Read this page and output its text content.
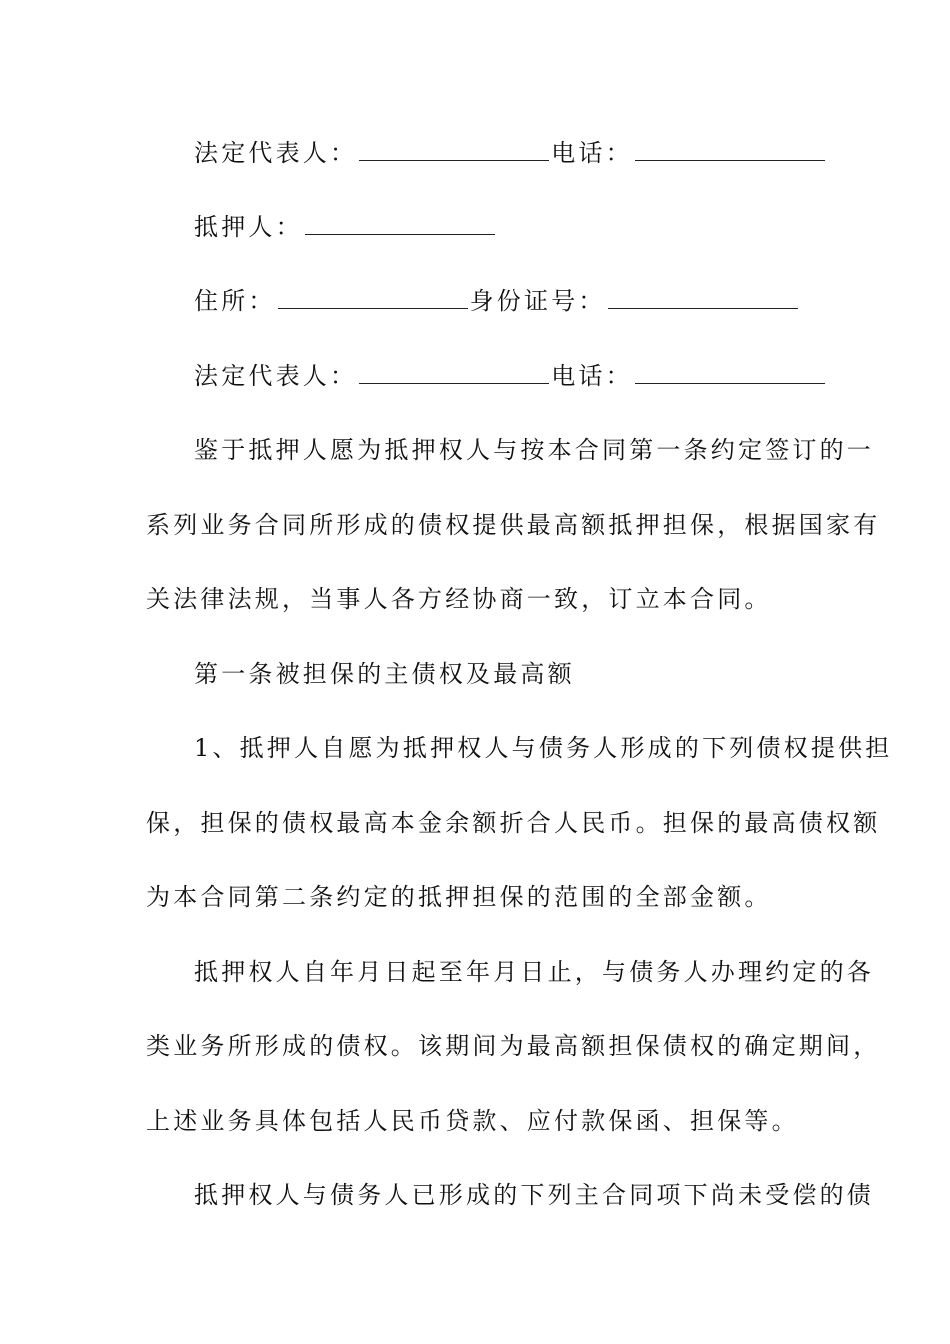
法定代表人：	电话：
抵押人：
住所：	身份证号：
法定代表人：	电话：
鉴于抵押人愿为抵押权人与按本合同第一条约定签订的一
系列业务合同所形成的债权提供最高额抵押担保，根据国家有
关法律法规，当事人各方经协商一致，订立本合同。
第一条被担保的主债权及最高额
1、抵押人自愿为抵押权人与债务人形成的下列债权提供担
保，担保的债权最高本金余额折合人民币。担保的最高债权额
为本合同第二条约定的抵押担保的范围的全部金额。
抵押权人自年月日起至年月日止，与债务人办理约定的各
类业务所形成的债权。该期间为最高额担保债权的确定期间，
上述业务具体包括人民币贷款、应付款保函、担保等。
抵押权人与债务人已形成的下列主合同项下尚未受偿的债
